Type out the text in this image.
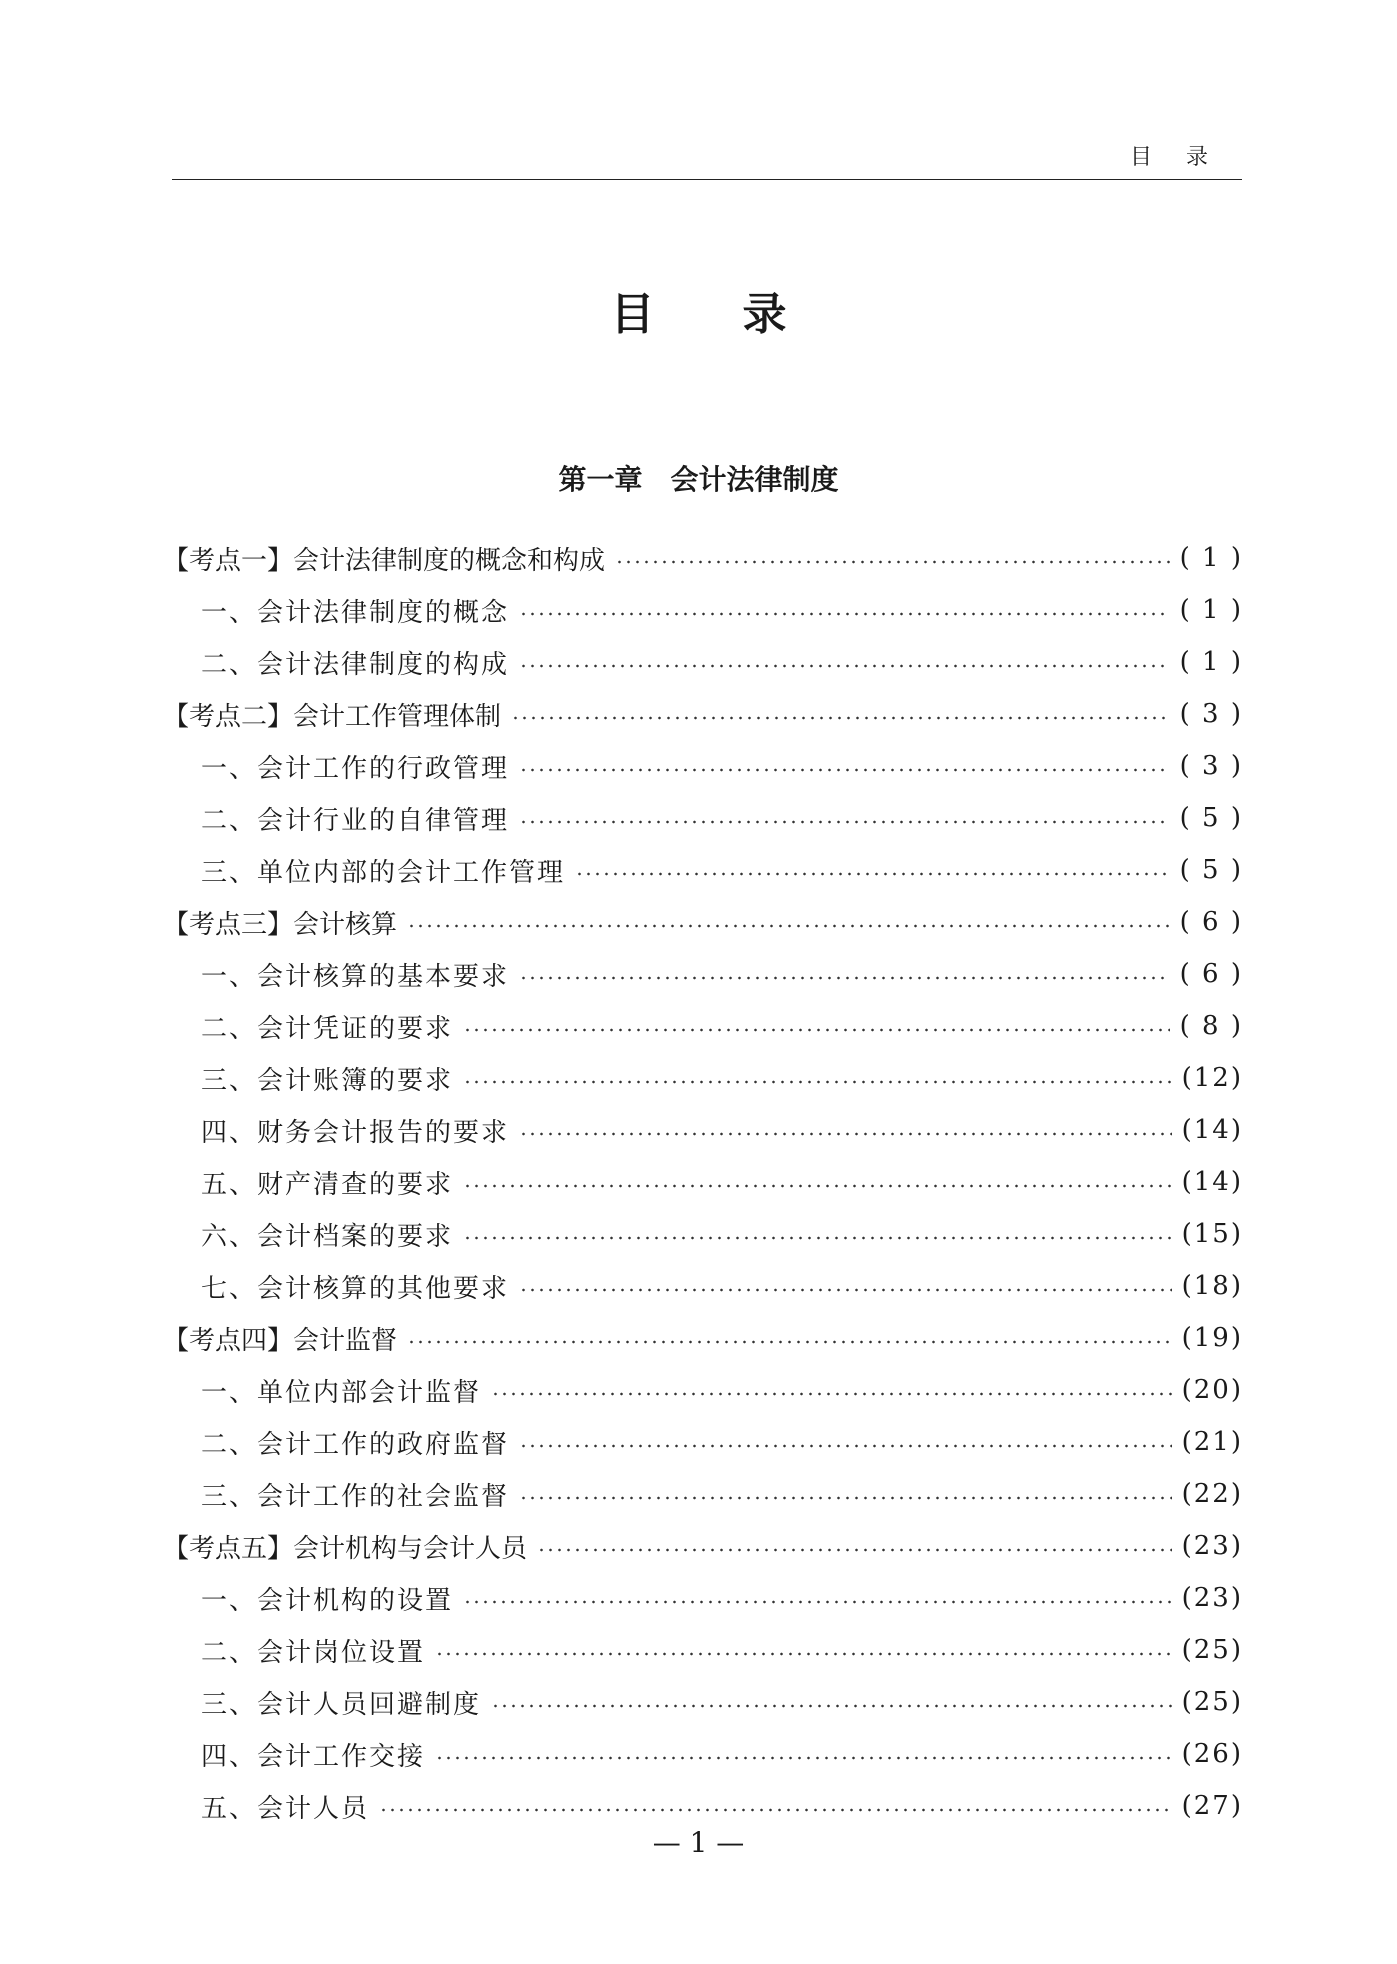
目录
目录
第一章　会计法律制度
【考点一】会计法律制度的概念和构成	( 1 )
一、会计法律制度的概念	( 1 )
二、会计法律制度的构成	( 1 )
【考点二】会计工作管理体制	( 3 )
一、会计工作的行政管理	( 3 )
二、会计行业的自律管理	( 5 )
三、单位内部的会计工作管理	( 5 )
【考点三】会计核算	( 6 )
一、会计核算的基本要求	( 6 )
二、会计凭证的要求	( 8 )
三、会计账簿的要求	(12)
四、财务会计报告的要求	(14)
五、财产清查的要求	(14)
六、会计档案的要求	(15)
七、会计核算的其他要求	(18)
【考点四】会计监督	(19)
一、单位内部会计监督	(20)
二、会计工作的政府监督	(21)
三、会计工作的社会监督	(22)
【考点五】会计机构与会计人员	(23)
一、会计机构的设置	(23)
二、会计岗位设置	(25)
三、会计人员回避制度	(25)
四、会计工作交接	(26)
五、会计人员	(27)
— 1 —
